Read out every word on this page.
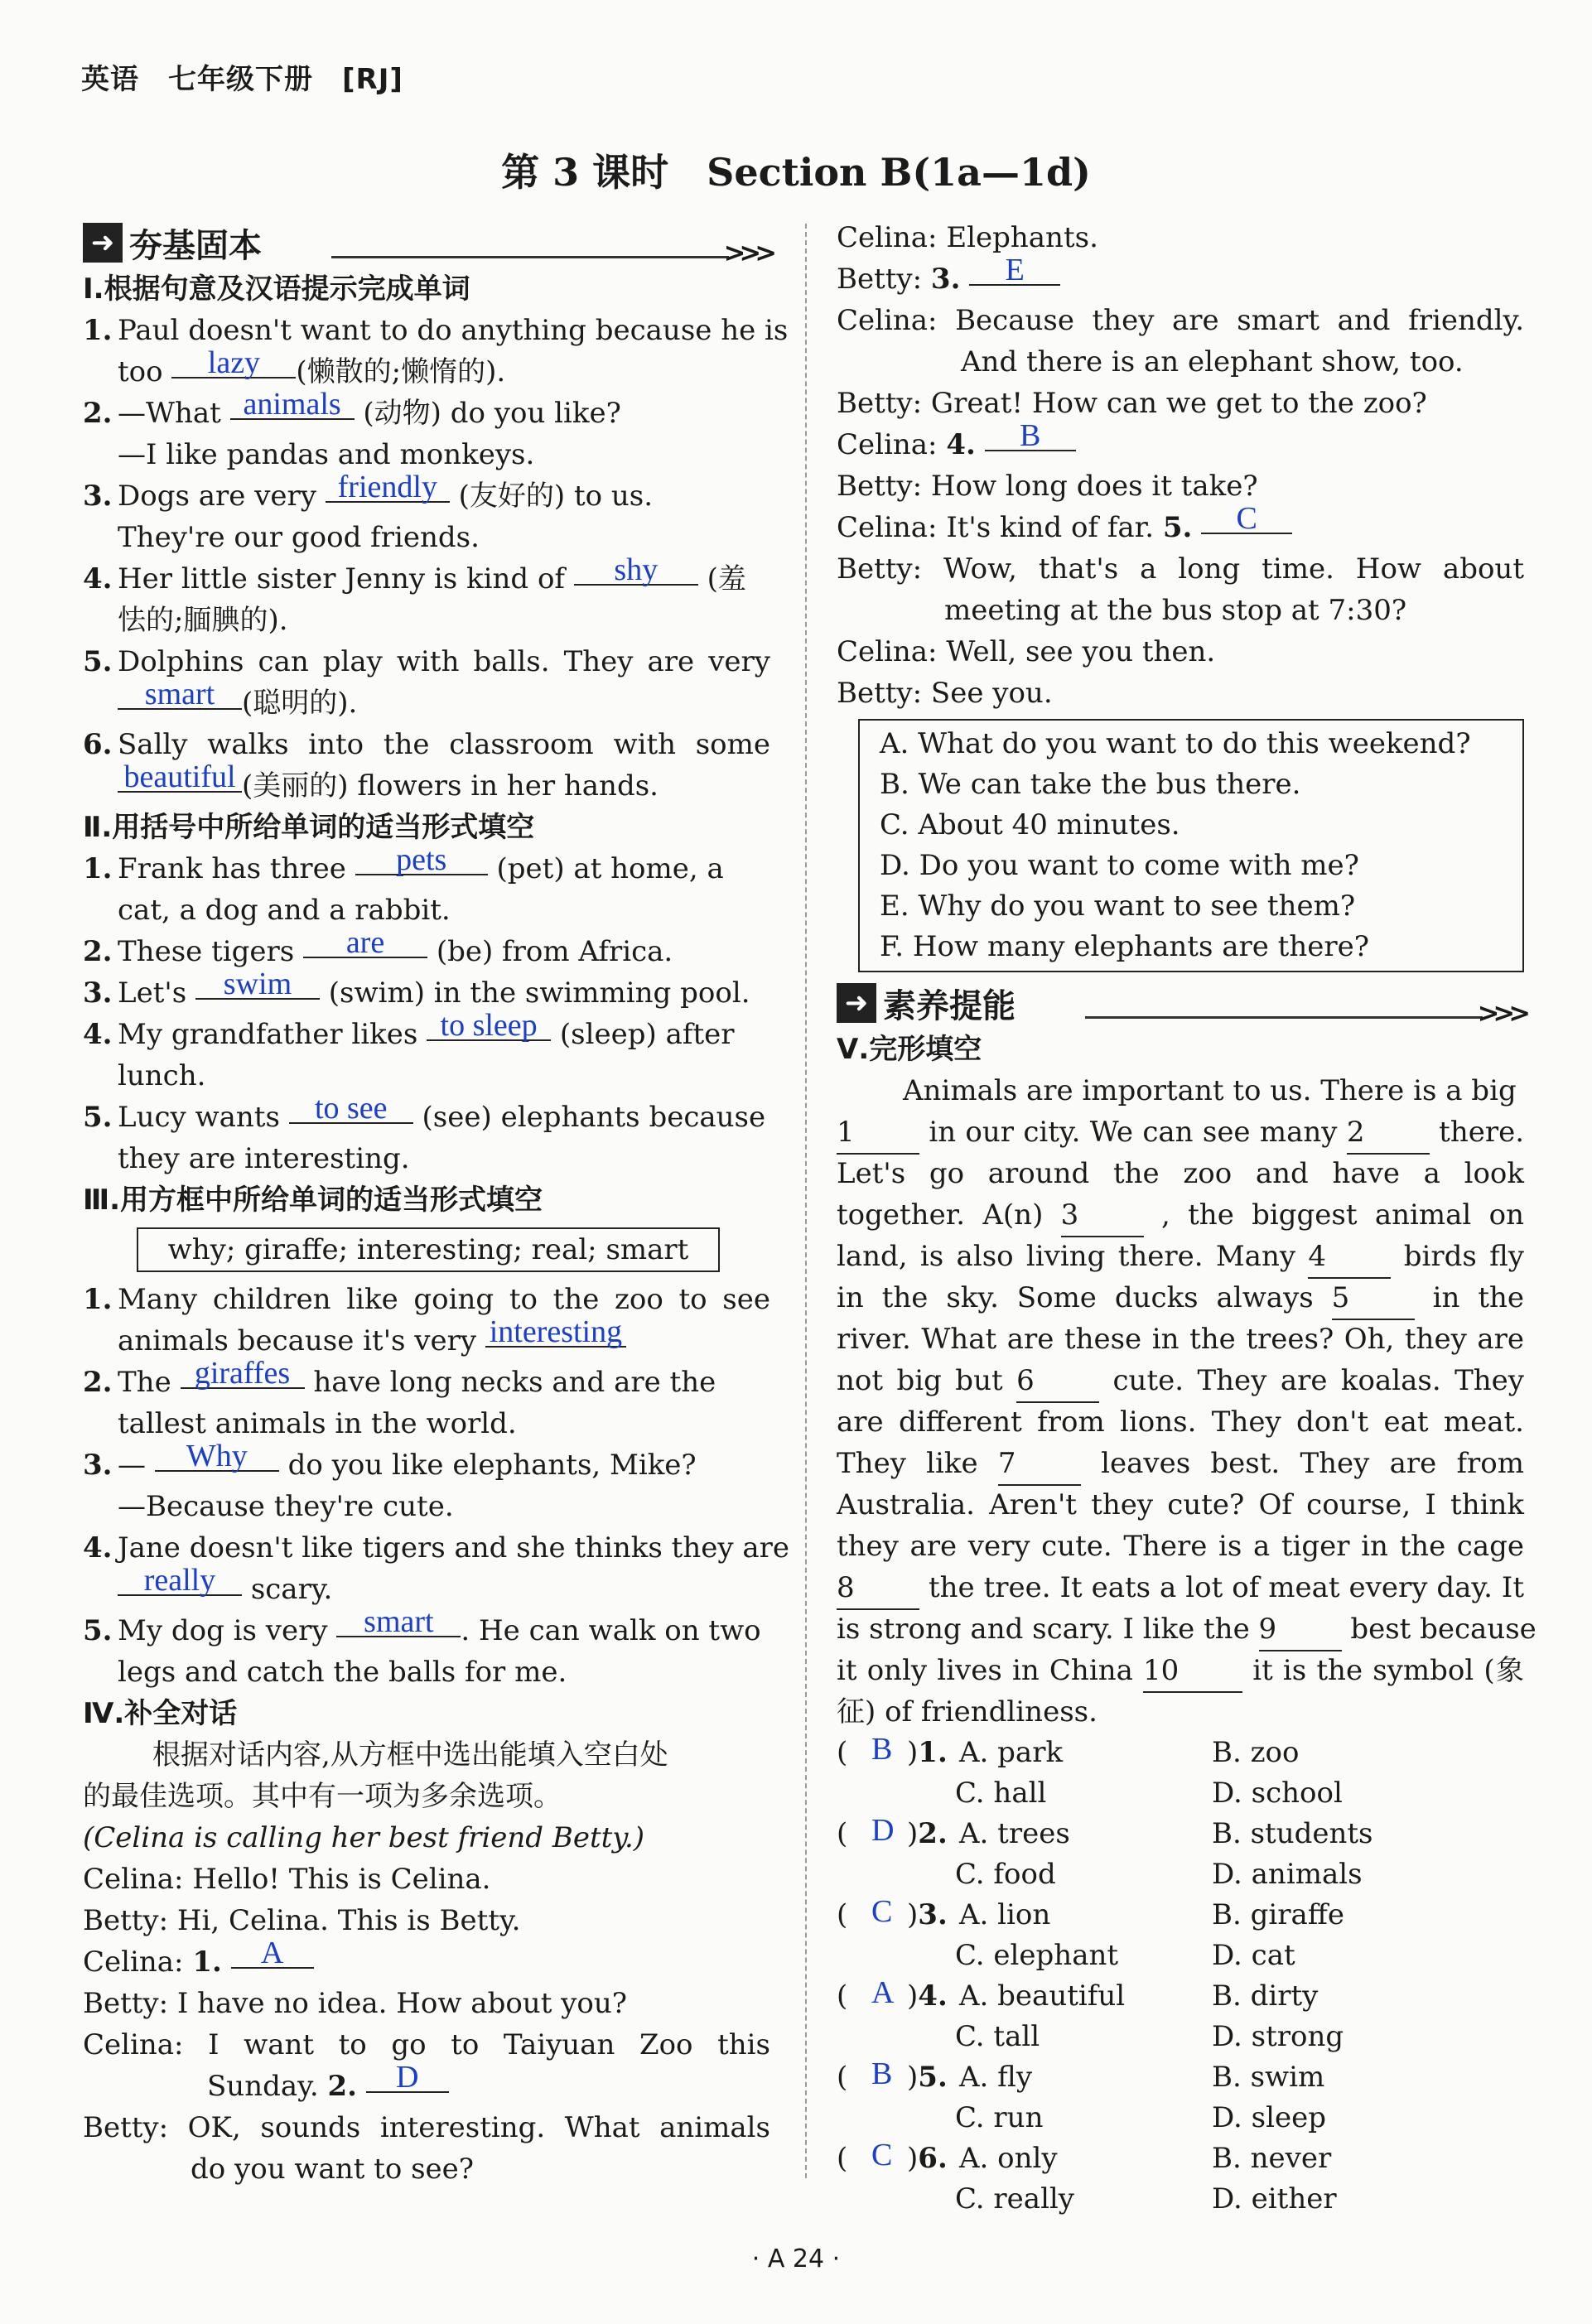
英语　七年级下册　[RJ]
第 3 课时　Section B(1a—1d)
➜ 夯基固本	>>>
Ⅰ.根据句意及汉语提示完成单词
1. Paul doesn't want to do anything because he is
too lazy (懒散的;懒惰的).
2. —What animals (动物) do you like?
—I like pandas and monkeys.
3. Dogs are very friendly (友好的) to us.
They're our good friends.
4. Her little sister Jenny is kind of shy (羞
怯的;腼腆的).
5. Dolphins can play with balls. They are very
smart (聪明的).
6. Sally walks into the classroom with some
beautiful (美丽的) flowers in her hands.
Ⅱ.用括号中所给单词的适当形式填空
1. Frank has three pets (pet) at home, a
cat, a dog and a rabbit.
2. These tigers are (be) from Africa.
3. Let's swim (swim) in the swimming pool.
4. My grandfather likes to sleep (sleep) after
lunch.
5. Lucy wants to see (see) elephants because
they are interesting.
Ⅲ.用方框中所给单词的适当形式填空
why; giraffe; interesting; real; smart
1. Many children like going to the zoo to see
animals because it's very interesting
2. The giraffes have long necks and are the
tallest animals in the world.
3. — Why do you like elephants, Mike?
—Because they're cute.
4. Jane doesn't like tigers and she thinks they are
really scary.
5. My dog is very smart . He can walk on two
legs and catch the balls for me.
Ⅳ.补全对话
根据对话内容,从方框中选出能填入空白处
的最佳选项。其中有一项为多余选项。
(Celina is calling her best friend Betty.)
Celina: Hello! This is Celina.
Betty: Hi, Celina. This is Betty.
Celina: 1. A
Betty: I have no idea. How about you?
Celina: I want to go to Taiyuan Zoo this
Sunday. 2. D
Betty: OK, sounds interesting. What animals
do you want to see?
Celina: Elephants.
Betty: 3. E
Celina: Because they are smart and friendly.
And there is an elephant show, too.
Betty: Great! How can we get to the zoo?
Celina: 4. B
Betty: How long does it take?
Celina: It's kind of far. 5. C
Betty: Wow, that's a long time. How about
meeting at the bus stop at 7:30?
Celina: Well, see you then.
Betty: See you.
A. What do you want to do this weekend?
B. We can take the bus there.
C. About 40 minutes.
D. Do you want to come with me?
E. Why do you want to see them?
F. How many elephants are there?
➜ 素养提能	>>>
Ⅴ.完形填空
Animals are important to us. There is a big
1	in our city. We can see many 2	there.
Let's go around the zoo and have a look
together. A(n) 3	, the biggest animal on
land, is also living there. Many 4	birds fly
in the sky. Some ducks always 5	in the
river. What are these in the trees? Oh, they are
not big but 6	cute. They are koalas. They
are different from lions. They don't eat meat.
They like 7	leaves best. They are from
Australia. Aren't they cute? Of course, I think
they are very cute. There is a tiger in the cage
8	the tree. It eats a lot of meat every day. It
is strong and scary. I like the 9	best because
it only lives in China 10	it is the symbol (象
征) of friendliness.
( B )1. A. park	B. zoo
C. hall	D. school
( D )2. A. trees	B. students
C. food	D. animals
( C )3. A. lion	B. giraffe
C. elephant	D. cat
( A )4. A. beautiful	B. dirty
C. tall	D. strong
( B )5. A. fly	B. swim
C. run	D. sleep
( C )6. A. only	B. never
C. really	D. either
· A 24 ·
